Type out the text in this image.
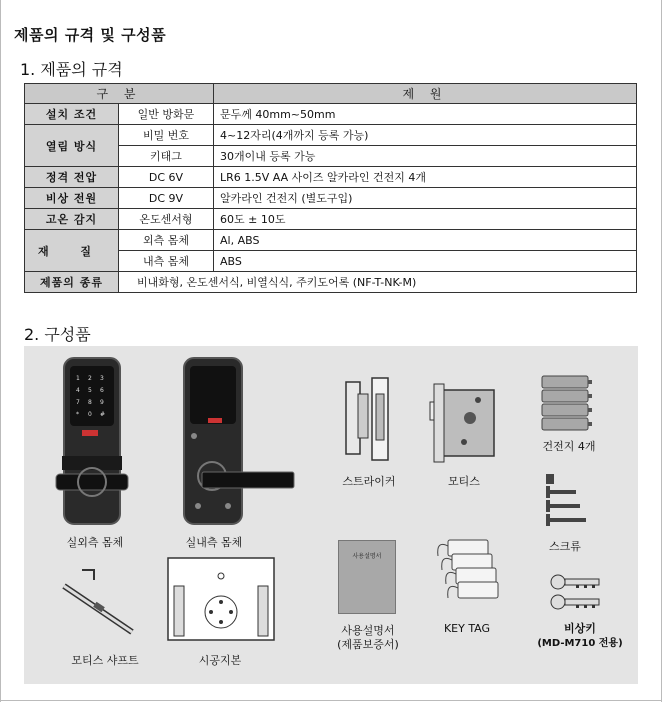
제품의 규격 및 구성품
1. 제품의 규격
구 분		제 원
설치 조건	일반 방화문	문두께 40mm~50mm
열림 방식	비밀 번호	4~12자리(4개까지 등록 가능)
	키태그	30개이내 등록 가능
정격 전압	DC 6V	LR6 1.5V AA 사이즈 알카라인 건전지 4개
비상 전원	DC 9V	알카라인 건전지 (별도구입)
고온 감지	온도센서형	60도 ± 10도
재 질	외측 몸체	Al, ABS
	내측 몸체	ABS
제품의 종류	비내화형, 온도센서식, 비열식식, 주키도어록 (NF-T-NK-M)	
2. 구성품
1 2 3
4 5 6
7 8 9
* 0 #
사용설명서
실외측 몸체	실내측 몸체
스트라이커	모티스
건전지 4개
스크류
사용설명서
(제품보증서)
KEY TAG	비상키
(MD-M710 전용)
모티스 샤프트	시공지본
